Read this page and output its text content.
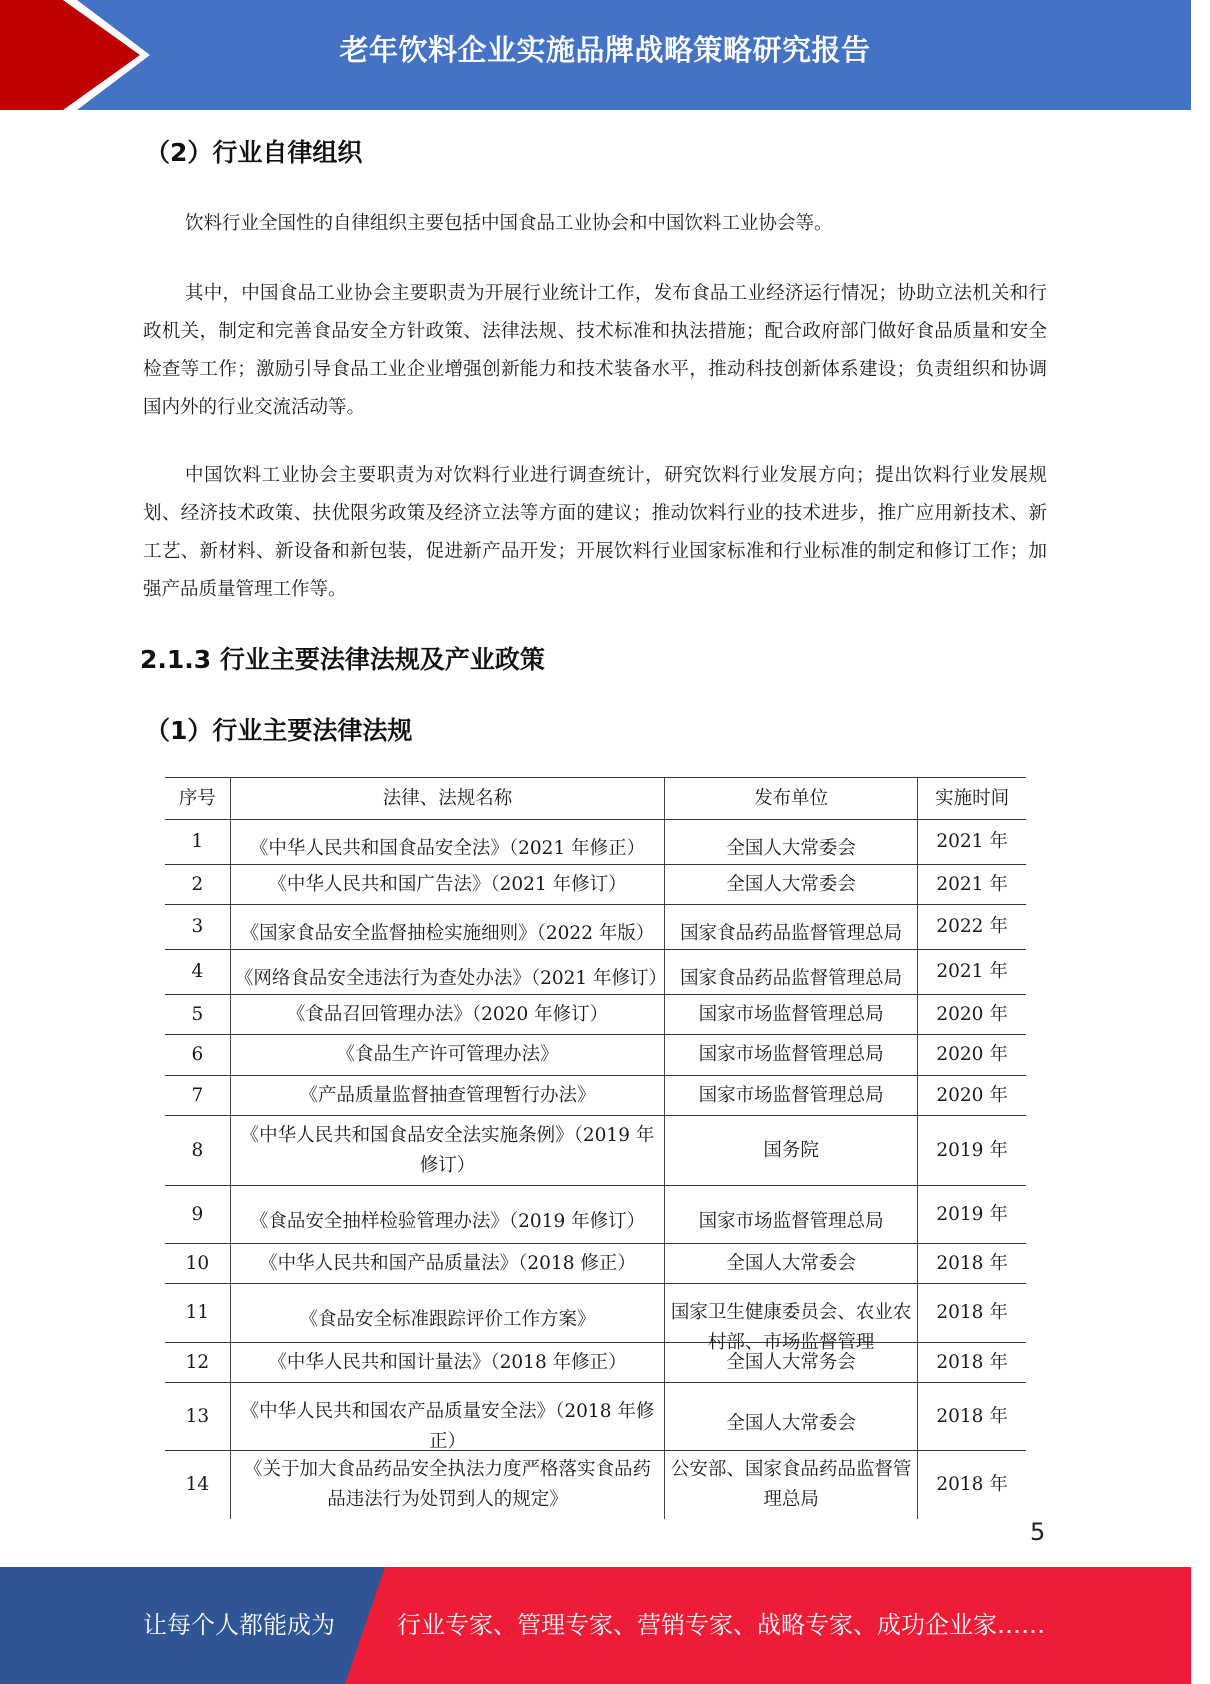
老年饮料企业实施品牌战略策略研究报告
（2）行业自律组织

饮料行业全国性的自律组织主要包括中国食品工业协会和中国饮料工业协会等。

其中，中国食品工业协会主要职责为开展行业统计工作，发布食品工业经济运行情况；协助立法机关和行政机关，制定和完善食品安全方针政策、法律法规、技术标准和执法措施；配合政府部门做好食品质量和安全检查等工作；激励引导食品工业企业增强创新能力和技术装备水平，推动科技创新体系建设；负责组织和协调国内外的行业交流活动等。

中国饮料工业协会主要职责为对饮料行业进行调查统计，研究饮料行业发展方向；提出饮料行业发展规划、经济技术政策、扶优限劣政策及经济立法等方面的建议；推动饮料行业的技术进步，推广应用新技术、新工艺、新材料、新设备和新包装，促进新产品开发；开展饮料行业国家标准和行业标准的制定和修订工作；加强产品质量管理工作等。

2.1.3 行业主要法律法规及产业政策
（1）行业主要法律法规
序号	法律、法规名称	发布单位	实施时间

1	《中华人民共和国食品安全法》（2021 年修正）	全国人大常委会	2021 年

2	《中华人民共和国广告法》（2021 年修订）	全国人大常委会	2021 年

3	《国家食品安全监督抽检实施细则》（2022 年版）	国家食品药品监督管理总局	2022 年

4	《网络食品安全违法行为查处办法》（2021 年修订）	国家食品药品监督管理总局	2021 年

5	《食品召回管理办法》（2020 年修订）	国家市场监督管理总局	2020 年

6	《食品生产许可管理办法》	国家市场监督管理总局	2020 年

7	《产品质量监督抽查管理暂行办法》	国家市场监督管理总局	2020 年

8	《中华人民共和国食品安全法实施条例》（2019 年修订）	国务院	2019 年

9	《食品安全抽样检验管理办法》（2019 年修订）	国家市场监督管理总局	2019 年

10	《中华人民共和国产品质量法》（2018 修正）	全国人大常委会	2018 年

11	《食品安全标准跟踪评价工作方案》	国家卫生健康委员会、农业农村部、市场监督管理	2018 年

12	《中华人民共和国计量法》（2018 年修正）	全国人大常务会	2018 年

13	《中华人民共和国农产品质量安全法》（2018 年修正）	全国人大常委会	2018 年

14	《关于加大食品药品安全执法力度严格落实食品药品违法行为处罚到人的规定》	公安部、国家食品药品监督管理总局	2018 年
5
让每个人都能成为	行业专家、管理专家、营销专家、战略专家、成功企业家……
